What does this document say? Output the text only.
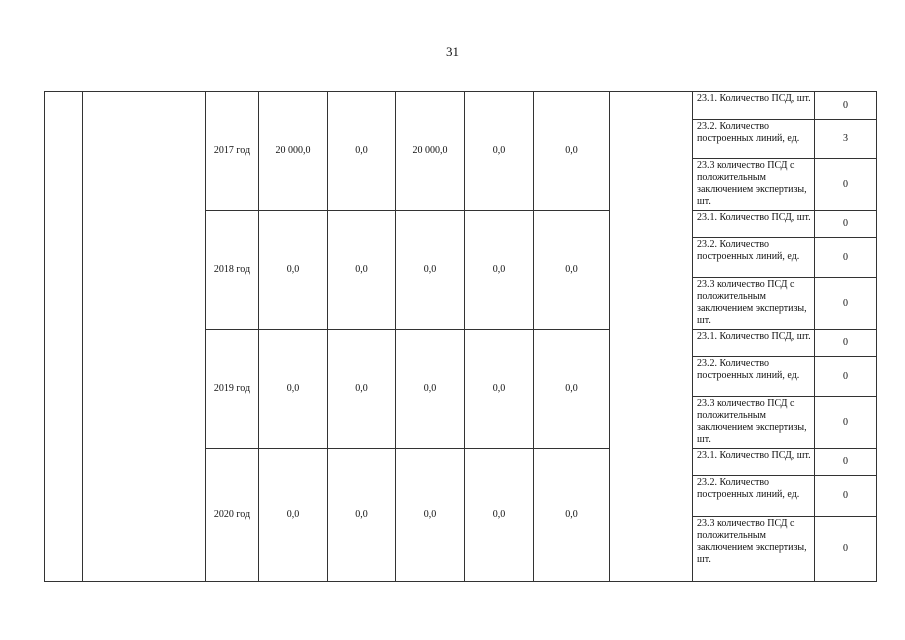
31
		2017 год	20 000,0	0,0	20 000,0	0,0	0,0		23.1. Количество ПСД, шт.	0

									23.2. Количество построенных линий, ед.	3

									23.3 количество ПСД с положительным заключением экспертизы, шт.	0
		2018 год	0,0	0,0	0,0	0,0	0,0		23.1. Количество ПСД, шт.	0

									23.2. Количество построенных линий, ед.	0

									23.3 количество ПСД с положительным заключением экспертизы, шт.	0
		2019 год	0,0	0,0	0,0	0,0	0,0		23.1. Количество ПСД, шт.	0

									23.2. Количество построенных линий, ед.	0

									23.3 количество ПСД с положительным заключением экспертизы, шт.	0
		2020 год	0,0	0,0	0,0	0,0	0,0		23.1. Количество ПСД, шт.	0

									23.2. Количество построенных линий, ед.	0

									23.3 количество ПСД с положительным заключением экспертизы, шт.	0
